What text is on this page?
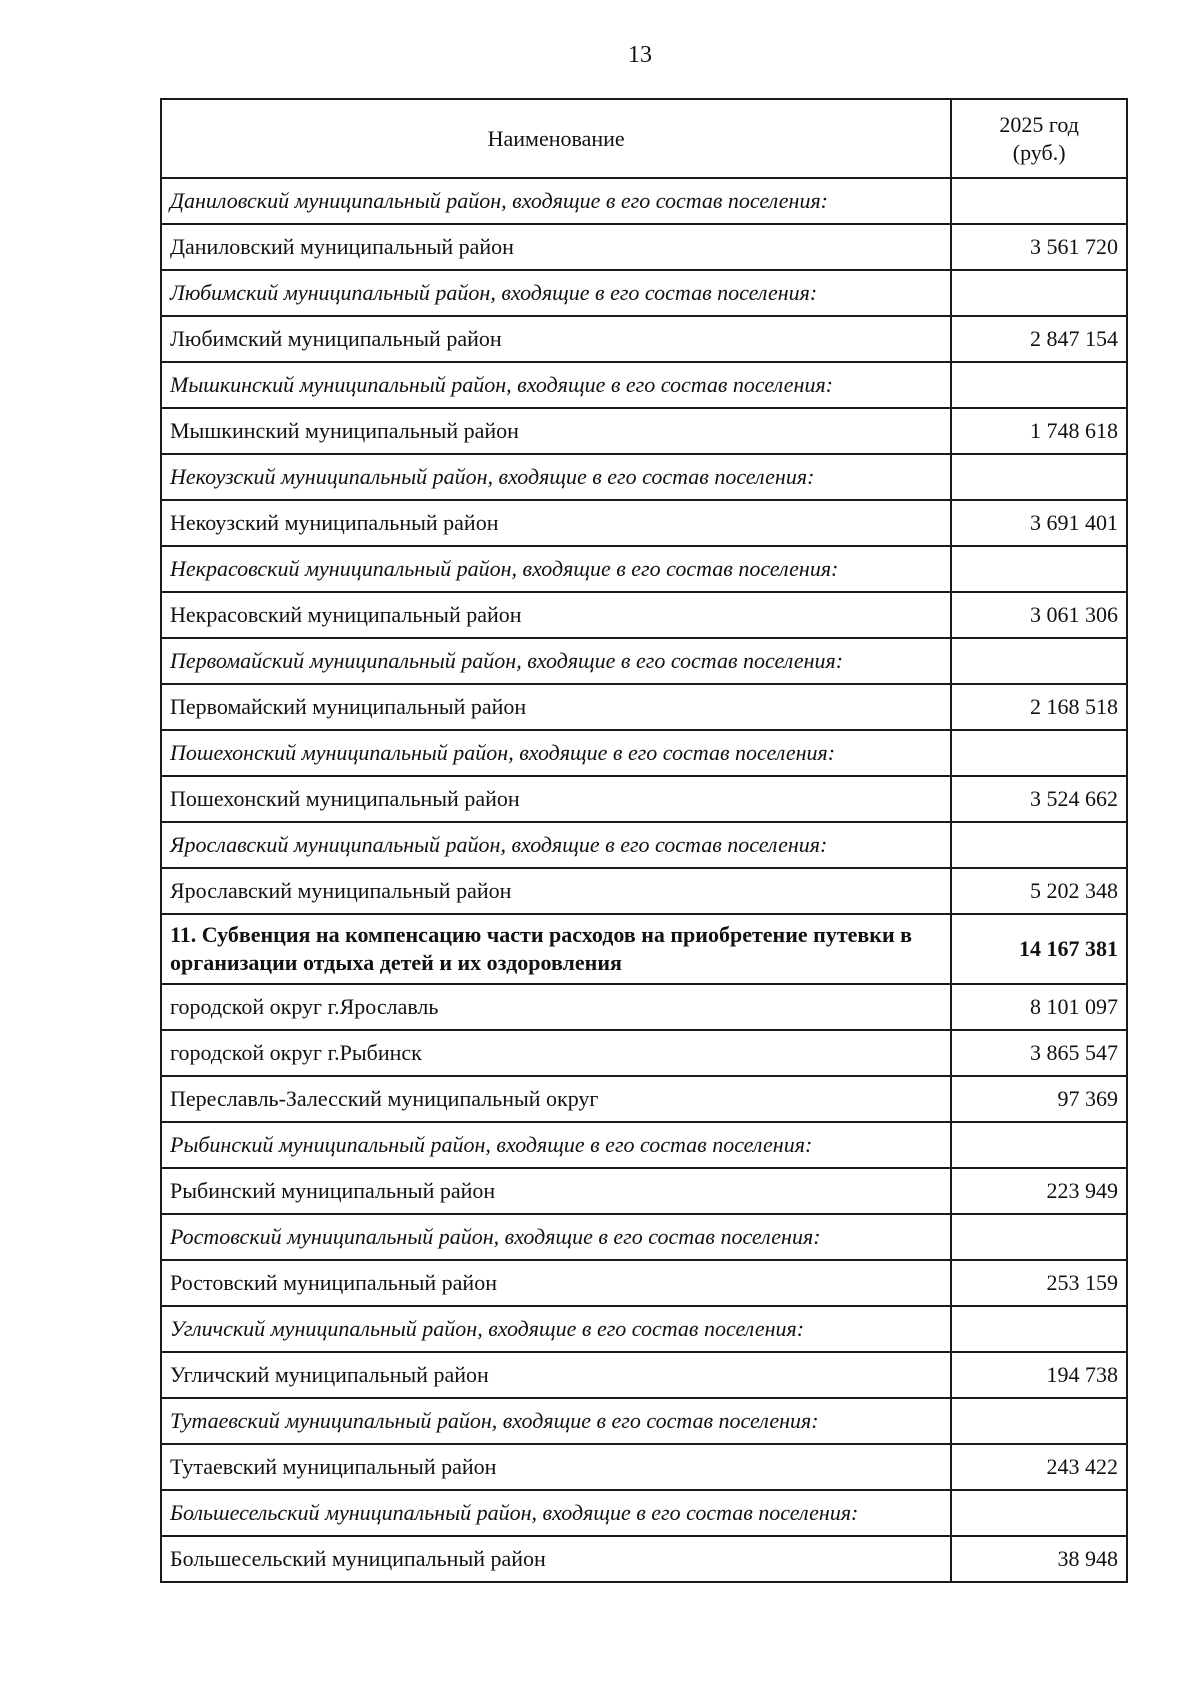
13
Наименование	2025 год
(руб.)
Даниловский муниципальный район, входящие в его состав поселения:	
Даниловский муниципальный район	3 561 720
Любимский муниципальный район, входящие в его состав поселения:	
Любимский муниципальный район	2 847 154
Мышкинский муниципальный район, входящие в его состав поселения:	
Мышкинский муниципальный район	1 748 618
Некоузский муниципальный район, входящие в его состав поселения:	
Некоузский муниципальный район	3 691 401
Некрасовский муниципальный район, входящие в его состав поселения:	
Некрасовский муниципальный район	3 061 306
Первомайский муниципальный район, входящие в его состав поселения:	
Первомайский муниципальный район	2 168 518
Пошехонский муниципальный район, входящие в его состав поселения:	
Пошехонский муниципальный район	3 524 662
Ярославский муниципальный район, входящие в его состав поселения:	
Ярославский муниципальный район	5 202 348
11. Субвенция на компенсацию части расходов на приобретение путевки в организации отдыха детей и их оздоровления	14 167 381
городской округ г.Ярославль	8 101 097
городской округ г.Рыбинск	3 865 547
Переславль-Залесский муниципальный округ	97 369
Рыбинский муниципальный район, входящие в его состав поселения:	
Рыбинский муниципальный район	223 949
Ростовский муниципальный район, входящие в его состав поселения:	
Ростовский муниципальный район	253 159
Угличский муниципальный район, входящие в его состав поселения:	
Угличский муниципальный район	194 738
Тутаевский муниципальный район, входящие в его состав поселения:	
Тутаевский муниципальный район	243 422
Большесельский муниципальный район, входящие в его состав поселения:	
Большесельский муниципальный район	38 948
